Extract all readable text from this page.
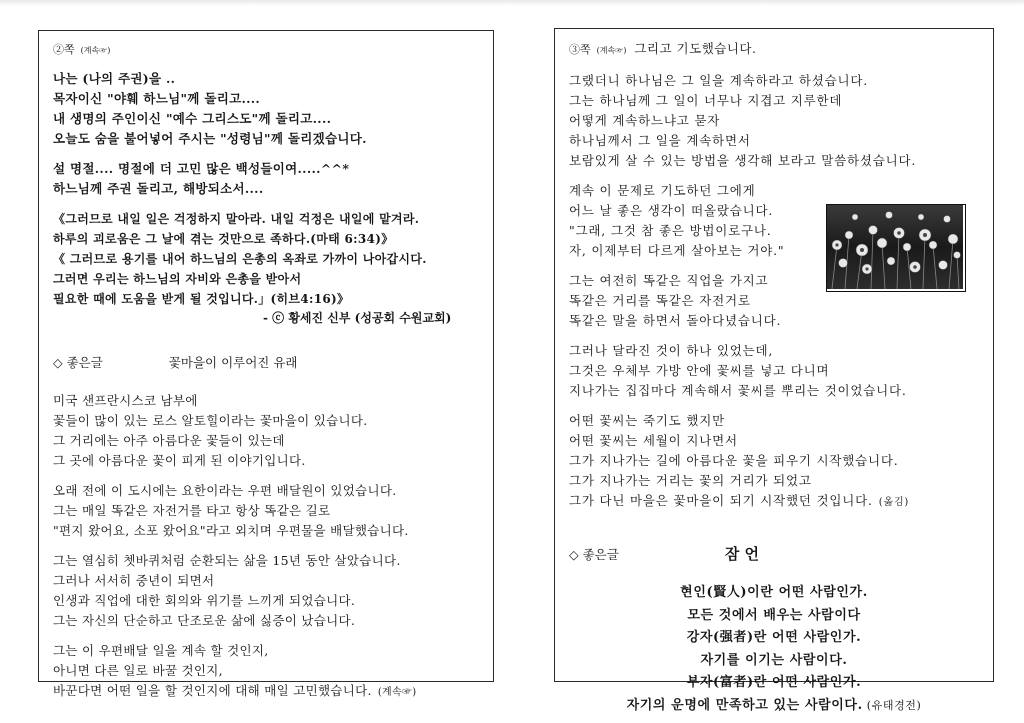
②쪽 (계속☞)
나는 (나의 주권)을 ..
목자이신 "야훼 하느님"께 돌리고....
내 생명의 주인이신 "예수 그리스도"께 돌리고....
오늘도 숨을 불어넣어 주시는 "성령님"께 돌리겠습니다.
설 명절.... 명절에 더 고민 많은 백성들이여.....^^*
하느님께 주권 돌리고, 해방되소서....
《그러므로 내일 일은 걱정하지 말아라. 내일 걱정은 내일에 맡겨라.
하루의 괴로움은 그 날에 겪는 것만으로 족하다.(마태 6:34)》
《 그러므로 용기를 내어 하느님의 은총의 옥좌로 가까이 나아갑시다.
그러면 우리는 하느님의 자비와 은총을 받아서
필요한 때에 도움을 받게 될 것입니다.」(히브4:16)》
- ⓒ 황세진 신부 (성공회 수원교회)
◇ 좋은글	꽃마을이 이루어진 유래
미국 샌프란시스코 남부에
꽃들이 많이 있는 로스 알토힐이라는 꽃마을이 있습니다.
그 거리에는 아주 아름다운 꽃들이 있는데
그 곳에 아름다운 꽃이 피게 된 이야기입니다.
오래 전에 이 도시에는 요한이라는 우편 배달원이 있었습니다.
그는 매일 똑같은 자전거를 타고 항상 똑같은 길로
"편지 왔어요, 소포 왔어요"라고 외치며 우편물을 배달했습니다.
그는 열심히 쳇바퀴처럼 순환되는 삶을 15년 동안 살았습니다.
그러나 서서히 중년이 되면서
인생과 직업에 대한 회의와 위기를 느끼게 되었습니다.
그는 자신의 단순하고 단조로운 삶에 싫증이 났습니다.
그는 이 우편배달 일을 계속 할 것인지,
아니면 다른 일로 바꿀 것인지,
바꾼다면 어떤 일을 할 것인지에 대해 매일 고민했습니다. (계속☞)
③쪽 (계속☞) 그리고 기도했습니다.
그랬더니 하나님은 그 일을 계속하라고 하셨습니다.
그는 하나님께 그 일이 너무나 지겹고 지루한데
어떻게 계속하느냐고 묻자
하나님께서 그 일을 계속하면서
보람있게 살 수 있는 방법을 생각해 보라고 말씀하셨습니다.
계속 이 문제로 기도하던 그에게
어느 날 좋은 생각이 떠올랐습니다.
"그래, 그것 참 좋은 방법이로구나.
자, 이제부터 다르게 살아보는 거야."
그는 여전히 똑같은 직업을 가지고
똑같은 거리를 똑같은 자전거로
똑같은 말을 하면서 돌아다녔습니다.
그러나 달라진 것이 하나 있었는데,
그것은 우체부 가방 안에 꽃씨를 넣고 다니며
지나가는 집집마다 계속해서 꽃씨를 뿌리는 것이었습니다.
어떤 꽃씨는 죽기도 했지만
어떤 꽃씨는 세월이 지나면서
그가 지나가는 길에 아름다운 꽃을 피우기 시작했습니다.
그가 지나가는 거리는 꽃의 거리가 되었고
그가 다닌 마을은 꽃마을이 되기 시작했던 것입니다. (옮김)
◇ 좋은글	잠 언
현인(賢人)이란 어떤 사람인가.
모든 것에서 배우는 사람이다
강자(强者)란 어떤 사람인가.
자기를 이기는 사람이다.
부자(富者)란 어떤 사람인가.
자기의 운명에 만족하고 있는 사람이다. (유태경전)
